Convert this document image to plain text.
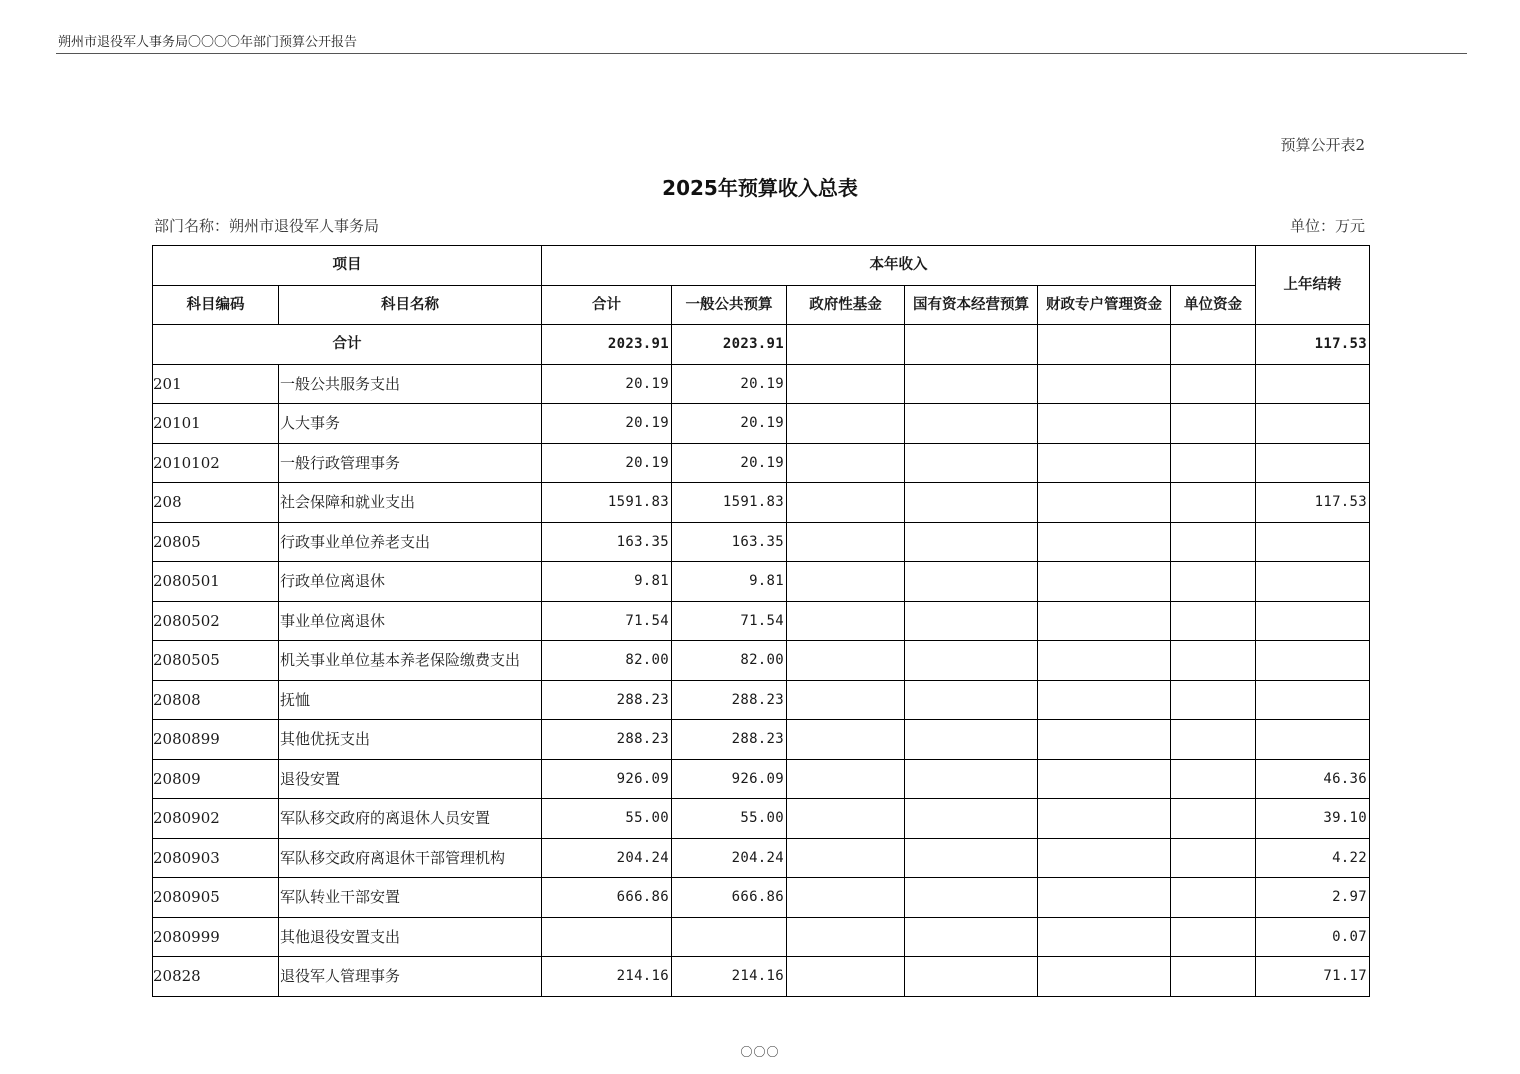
朔州市退役军人事务局〇〇〇〇年部门预算公开报告
预算公开表2
2025年预算收入总表
部门名称：朔州市退役军人事务局	单位：万元
项目		本年收入						上年结转
科目编码	科目名称	合计	一般公共预算	政府性基金	国有资本经营预算	财政专户管理资金	单位资金	
合计		2023.91	2023.91					117.53
201	一般公共服务支出	20.19	20.19					
20101	人大事务	20.19	20.19					
2010102	一般行政管理事务	20.19	20.19					
208	社会保障和就业支出	1591.83	1591.83					117.53
20805	行政事业单位养老支出	163.35	163.35					
2080501	行政单位离退休	9.81	9.81					
2080502	事业单位离退休	71.54	71.54					
2080505	机关事业单位基本养老保险缴费支出	82.00	82.00					
20808	抚恤	288.23	288.23					
2080899	其他优抚支出	288.23	288.23					
20809	退役安置	926.09	926.09					46.36
2080902	军队移交政府的离退休人员安置	55.00	55.00					39.10
2080903	军队移交政府离退休干部管理机构	204.24	204.24					4.22
2080905	军队转业干部安置	666.86	666.86					2.97
2080999	其他退役安置支出							0.07
20828	退役军人管理事务	214.16	214.16					71.17
〇〇〇
